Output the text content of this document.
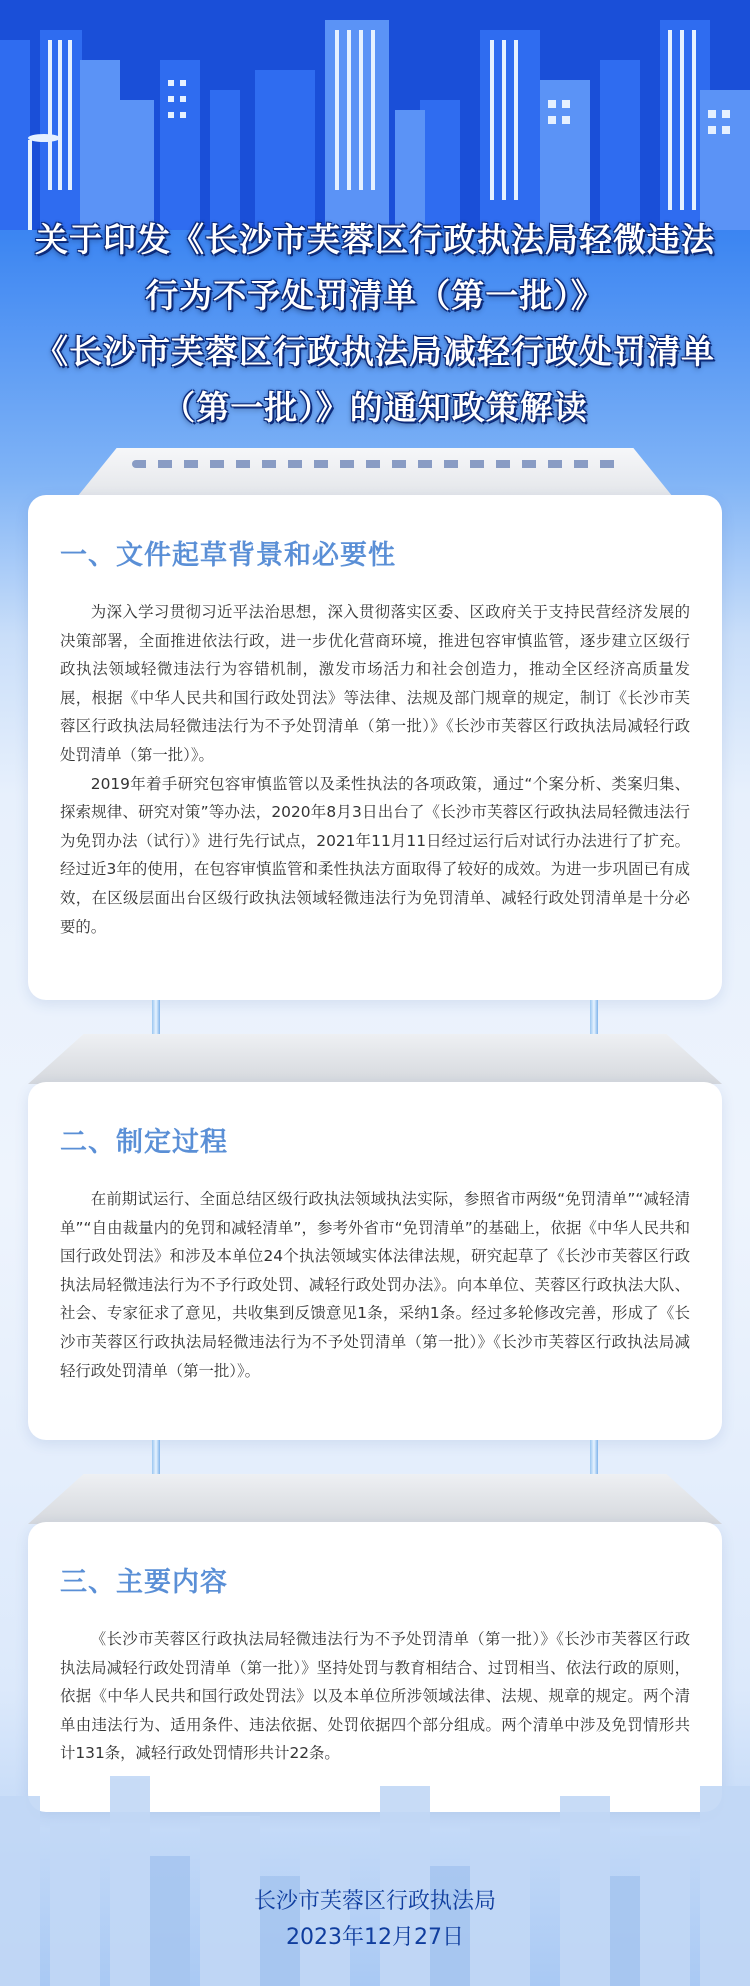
关于印发《长沙市芙蓉区行政执法局轻微违法
行为不予处罚清单（第一批）》
《长沙市芙蓉区行政执法局减轻行政处罚清单
（第一批）》的通知政策解读
一、文件起草背景和必要性

为深入学习贯彻习近平法治思想，深入贯彻落实区委、区政府关于支持民营经济发展的决策部署，全面推进依法行政，进一步优化营商环境，推进包容审慎监管，逐步建立区级行政执法领域轻微违法行为容错机制，激发市场活力和社会创造力，推动全区经济高质量发展，根据《中华人民共和国行政处罚法》等法律、法规及部门规章的规定，制订《长沙市芙蓉区行政执法局轻微违法行为不予处罚清单（第一批）》《长沙市芙蓉区行政执法局减轻行政处罚清单（第一批）》。

2019年着手研究包容审慎监管以及柔性执法的各项政策，通过“个案分析、类案归集、探索规律、研究对策”等办法，2020年8月3日出台了《长沙市芙蓉区行政执法局轻微违法行为免罚办法（试行）》进行先行试点，2021年11月11日经过运行后对试行办法进行了扩充。经过近3年的使用，在包容审慎监管和柔性执法方面取得了较好的成效。为进一步巩固已有成效，在区级层面出台区级行政执法领域轻微违法行为免罚清单、减轻行政处罚清单是十分必要的。

二、制定过程

在前期试运行、全面总结区级行政执法领域执法实际，参照省市两级“免罚清单”“减轻清单”“自由裁量内的免罚和减轻清单”，参考外省市“免罚清单”的基础上，依据《中华人民共和国行政处罚法》和涉及本单位24个执法领域实体法律法规，研究起草了《长沙市芙蓉区行政执法局轻微违法行为不予行政处罚、减轻行政处罚办法》。向本单位、芙蓉区行政执法大队、社会、专家征求了意见，共收集到反馈意见1条，采纳1条。经过多轮修改完善，形成了《长沙市芙蓉区行政执法局轻微违法行为不予处罚清单（第一批）》《长沙市芙蓉区行政执法局减轻行政处罚清单（第一批）》。

三、主要内容

《长沙市芙蓉区行政执法局轻微违法行为不予处罚清单（第一批）》《长沙市芙蓉区行政执法局减轻行政处罚清单（第一批）》坚持处罚与教育相结合、过罚相当、依法行政的原则，依据《中华人民共和国行政处罚法》以及本单位所涉领域法律、法规、规章的规定。两个清单由违法行为、适用条件、违法依据、处罚依据四个部分组成。两个清单中涉及免罚情形共计131条，减轻行政处罚情形共计22条。

长沙市芙蓉区行政执法局
2023年12月27日
